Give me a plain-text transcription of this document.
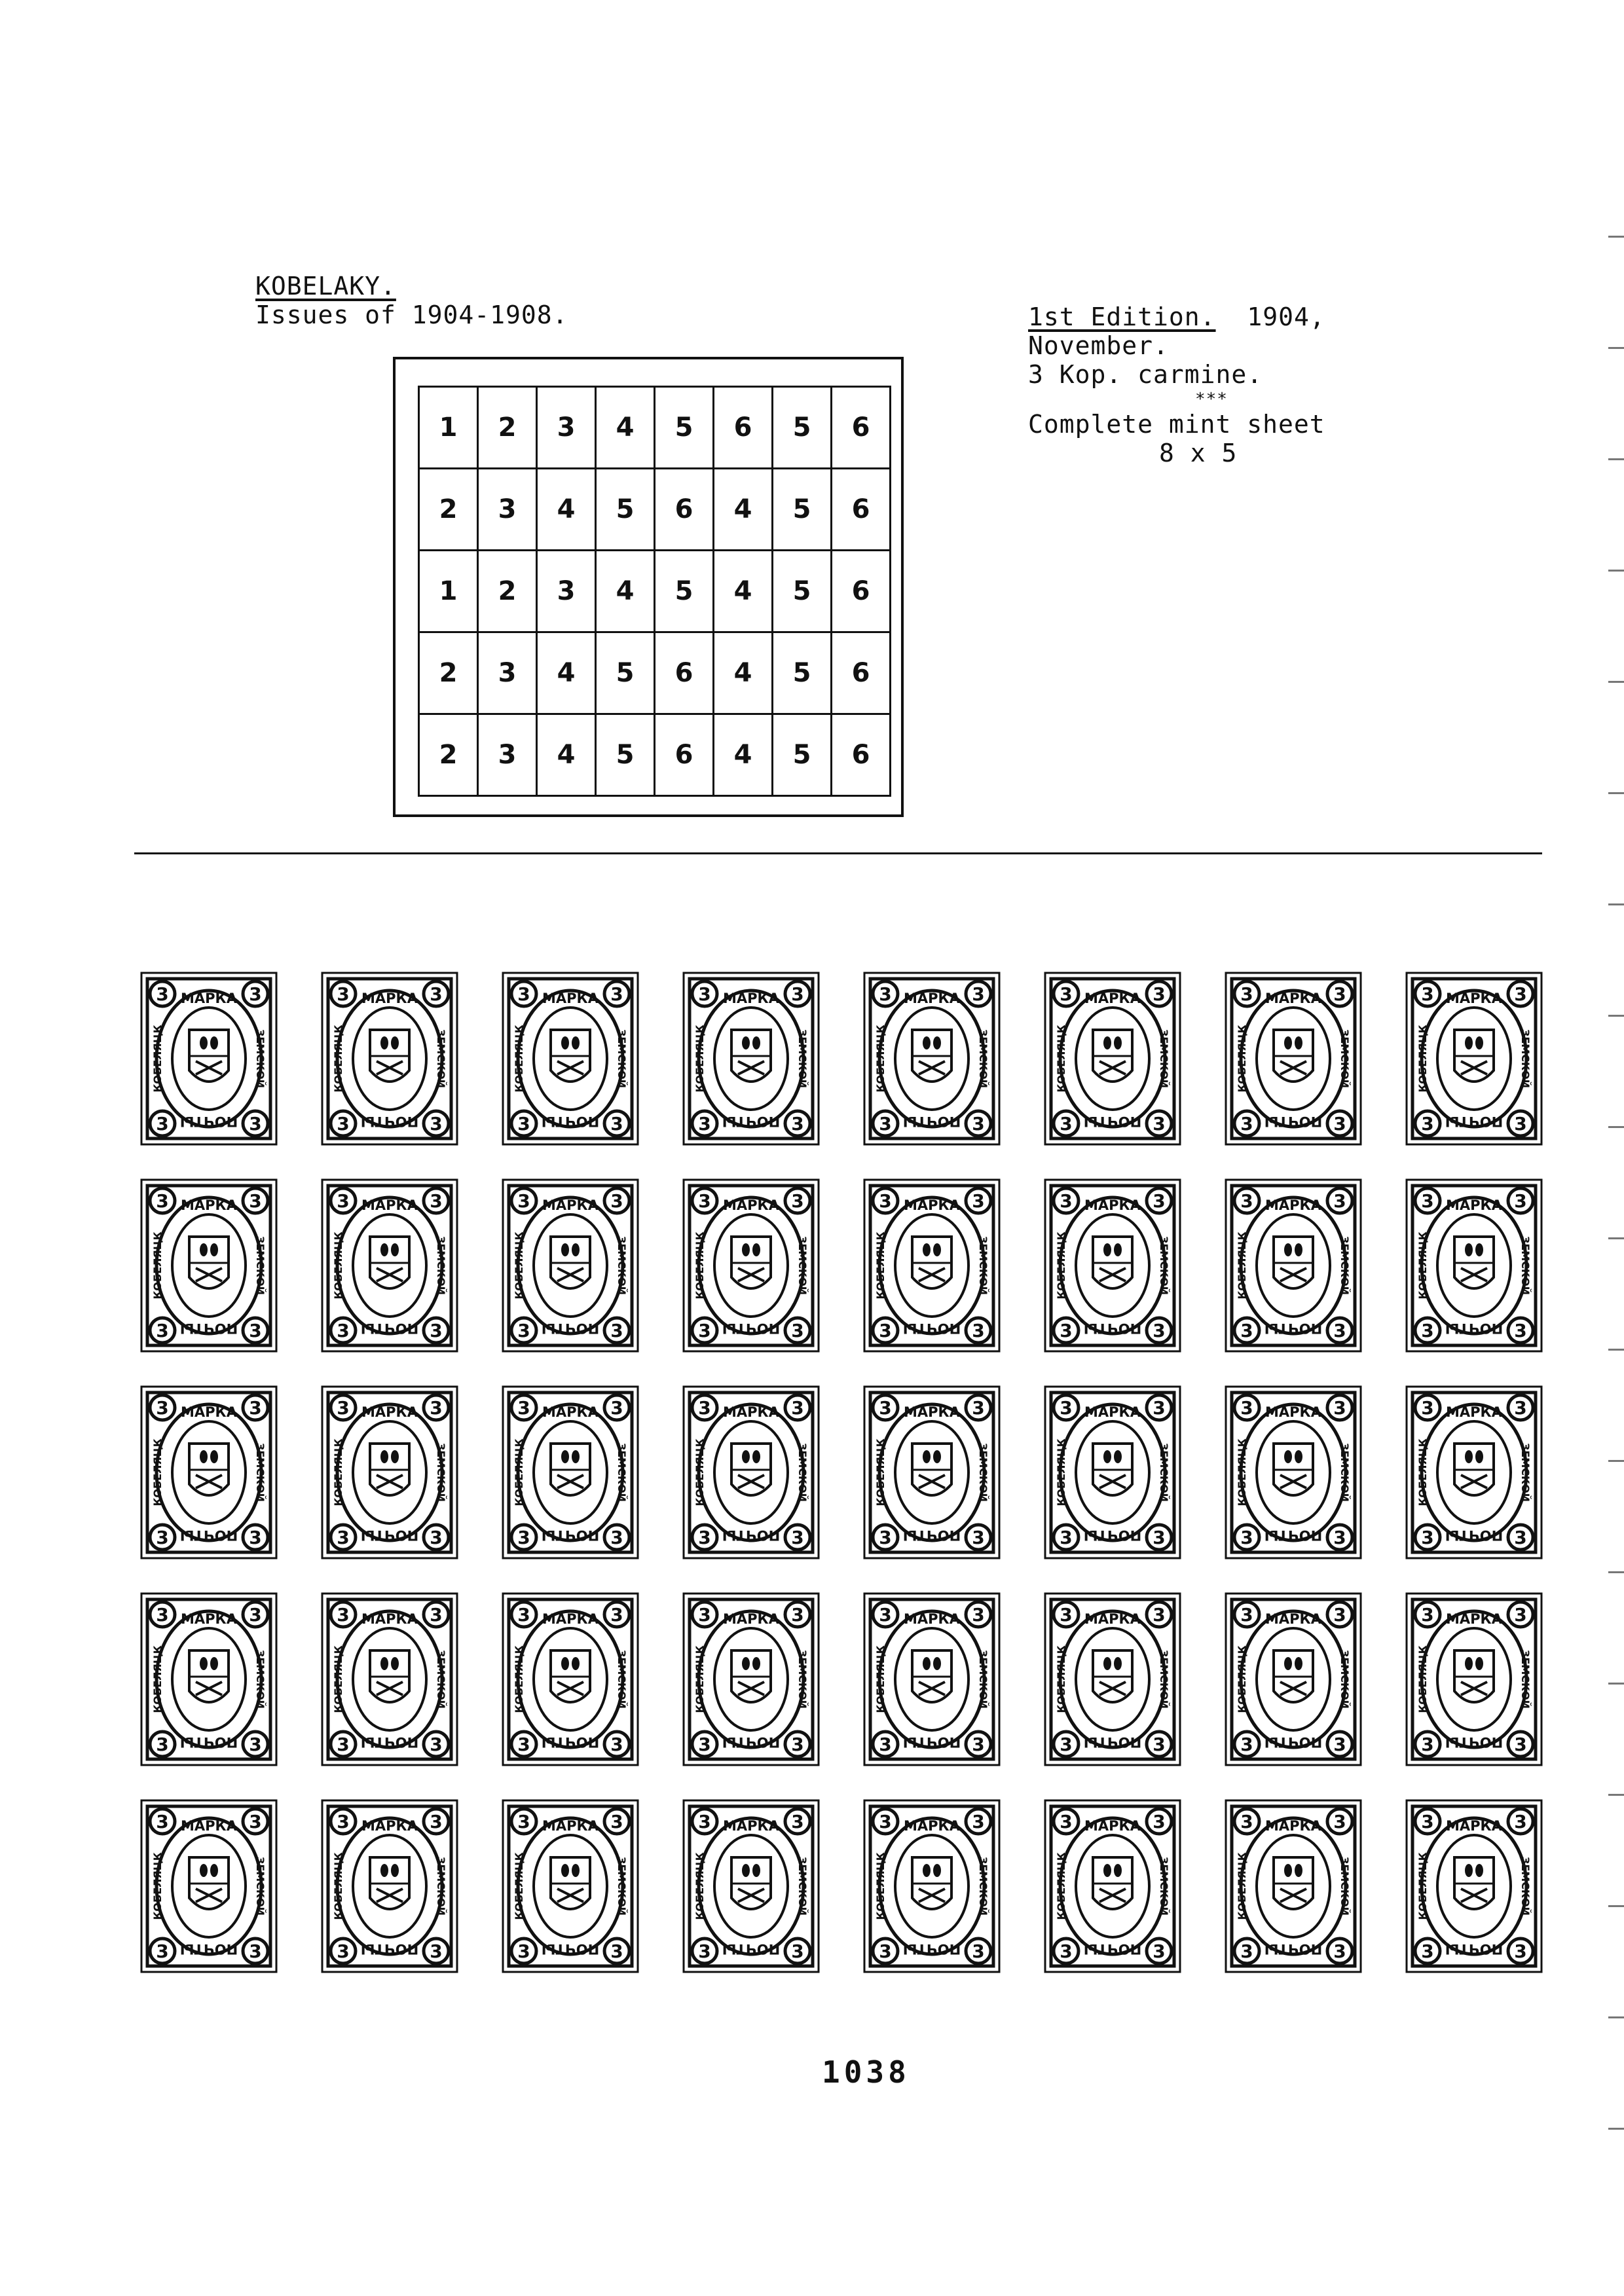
KOBELAKY.
Issues of 1904-1908.	1st Edition. 1904,
November.
3 Kop. carmine.
***
Complete mint sheet
8 x 5
1	2	3	4	5	6	5	6
2	3	4	5	6	4	5	6
1	2	3	4	5	4	5	6
2	3	4	5	6	4	5	6
2	3	4	5	6	4	5	6
3	3
3	3
МАРКА
ПОЧТЫ
КОБЕЛЯЦК	ЗЕМСКОЙ
3	3
3	3
МАРКА
ПОЧТЫ
КОБЕЛЯЦК	ЗЕМСКОЙ
3	3
3	3
МАРКА
ПОЧТЫ
КОБЕЛЯЦК	ЗЕМСКОЙ
3	3
3	3
МАРКА
ПОЧТЫ
КОБЕЛЯЦК	ЗЕМСКОЙ
3	3
3	3
МАРКА
ПОЧТЫ
КОБЕЛЯЦК	ЗЕМСКОЙ
3	3
3	3
МАРКА
ПОЧТЫ
КОБЕЛЯЦК	ЗЕМСКОЙ
3	3
3	3
МАРКА
ПОЧТЫ
КОБЕЛЯЦК	ЗЕМСКОЙ
3	3
3	3
МАРКА
ПОЧТЫ
КОБЕЛЯЦК	ЗЕМСКОЙ
3	3
3	3
МАРКА
ПОЧТЫ
КОБЕЛЯЦК	ЗЕМСКОЙ
3	3
3	3
МАРКА
ПОЧТЫ
КОБЕЛЯЦК	ЗЕМСКОЙ
3	3
3	3
МАРКА
ПОЧТЫ
КОБЕЛЯЦК	ЗЕМСКОЙ
3	3
3	3
МАРКА
ПОЧТЫ
КОБЕЛЯЦК	ЗЕМСКОЙ
3	3
3	3
МАРКА
ПОЧТЫ
КОБЕЛЯЦК	ЗЕМСКОЙ
3	3
3	3
МАРКА
ПОЧТЫ
КОБЕЛЯЦК	ЗЕМСКОЙ
3	3
3	3
МАРКА
ПОЧТЫ
КОБЕЛЯЦК	ЗЕМСКОЙ
3	3
3	3
МАРКА
ПОЧТЫ
КОБЕЛЯЦК	ЗЕМСКОЙ
3	3
3	3
МАРКА
ПОЧТЫ
КОБЕЛЯЦК	ЗЕМСКОЙ
3	3
3	3
МАРКА
ПОЧТЫ
КОБЕЛЯЦК	ЗЕМСКОЙ
3	3
3	3
МАРКА
ПОЧТЫ
КОБЕЛЯЦК	ЗЕМСКОЙ
3	3
3	3
МАРКА
ПОЧТЫ
КОБЕЛЯЦК	ЗЕМСКОЙ
3	3
3	3
МАРКА
ПОЧТЫ
КОБЕЛЯЦК	ЗЕМСКОЙ
3	3
3	3
МАРКА
ПОЧТЫ
КОБЕЛЯЦК	ЗЕМСКОЙ
3	3
3	3
МАРКА
ПОЧТЫ
КОБЕЛЯЦК	ЗЕМСКОЙ
3	3
3	3
МАРКА
ПОЧТЫ
КОБЕЛЯЦК	ЗЕМСКОЙ
3	3
3	3
МАРКА
ПОЧТЫ
КОБЕЛЯЦК	ЗЕМСКОЙ
3	3
3	3
МАРКА
ПОЧТЫ
КОБЕЛЯЦК	ЗЕМСКОЙ
3	3
3	3
МАРКА
ПОЧТЫ
КОБЕЛЯЦК	ЗЕМСКОЙ
3	3
3	3
МАРКА
ПОЧТЫ
КОБЕЛЯЦК	ЗЕМСКОЙ
3	3
3	3
МАРКА
ПОЧТЫ
КОБЕЛЯЦК	ЗЕМСКОЙ
3	3
3	3
МАРКА
ПОЧТЫ
КОБЕЛЯЦК	ЗЕМСКОЙ
3	3
3	3
МАРКА
ПОЧТЫ
КОБЕЛЯЦК	ЗЕМСКОЙ
3	3
3	3
МАРКА
ПОЧТЫ
КОБЕЛЯЦК	ЗЕМСКОЙ
3	3
3	3
МАРКА
ПОЧТЫ
КОБЕЛЯЦК	ЗЕМСКОЙ
3	3
3	3
МАРКА
ПОЧТЫ
КОБЕЛЯЦК	ЗЕМСКОЙ
3	3
3	3
МАРКА
ПОЧТЫ
КОБЕЛЯЦК	ЗЕМСКОЙ
3	3
3	3
МАРКА
ПОЧТЫ
КОБЕЛЯЦК	ЗЕМСКОЙ
3	3
3	3
МАРКА
ПОЧТЫ
КОБЕЛЯЦК	ЗЕМСКОЙ
3	3
3	3
МАРКА
ПОЧТЫ
КОБЕЛЯЦК	ЗЕМСКОЙ
3	3
3	3
МАРКА
ПОЧТЫ
КОБЕЛЯЦК	ЗЕМСКОЙ
3	3
3	3
МАРКА
ПОЧТЫ
КОБЕЛЯЦК	ЗЕМСКОЙ
1038
